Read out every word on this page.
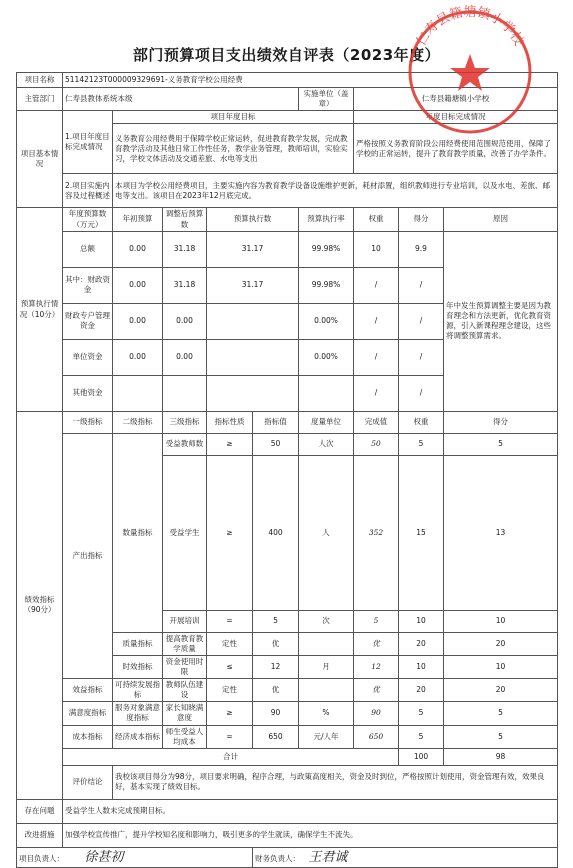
部门预算项目支出绩效自评表（2023年度）
项目名称	51142123T000009329691-义务教育学校公用经费									
主管部门	仁寿县教体系统本级					实施单位（盖章）	仁寿县籍塘镇小学校			
项目基本情况	1.项目年度目标完成情况	项目年度目标					年度目标完成情况			
		义务教育公用经费用于保障学校正常运转，促进教育教学发展，完成教育教学活动及其他日常工作性任务，教学业务管理，教师培训，实验实习，学校文体活动及交通差旅、水电等支出					严格按照义务教育阶段公用经费使用范围规范使用，保障了学校的正常运转，提升了教育教学质量，改善了办学条件。			
	2.项目实施内容及过程概述	本项目为学校公用经费项目，主要实施内容为教育教学设备设施维护更新，耗材添置，组织教师进行专业培训，以及水电、差旅、邮电等支出。该项目在2023年12月底完成。								
预算执行情况（10分）	年度预算数（万元）	年初预算	调整后预算数	预算执行数		预算执行率	权重	得分	原因	
	总额	0.00	31.18	31.17		99.98%	10	9.9	年中发生预算调整主要是因为教育理念和方法更新，优化教育资源，引入新课程理念建设，这些将调整预算需求。	
	其中：财政资金	0.00	31.18	31.17		99.98%	/	/		
	财政专户管理资金	0.00	0.00			0.00%	/	/		
	单位资金	0.00	0.00			0.00%	/	/		
	其他资金						/	/		
绩效指标（90分）	一级指标	二级指标	三级指标	指标性质	指标值	度量单位	完成值	权重	得分	
	产出指标	数量指标	受益教师数	≥	50	人次	50	5	5	
			受益学生	≥	400	人	352	15	13	
			开展培训	=	5	次	5	10	10	
		质量指标	提高教育教学质量	定性	优		优	20	20	
		时效指标	资金使用时限	≤	12	月	12	10	10	
	效益指标	可持续发展指标	教师队伍建设	定性	优		优	20	20	
	满意度指标	服务对象满意度指标	家长知晓满意度	≥	90	%	90	5	5	
	成本指标	经济成本指标	师生受益人均成本	=	650	元/人年	650	5	5	
	合计							100	98	
	评价结论	我校该项目得分为98分，项目要求明确，程序合理，与政策高度相关，资金及时到位，严格按照计划使用，资金管理有效，效果良好，基本实现了绩效目标。								
存在问题	受益学生人数未完成预期目标。									
改进措施	加强学校宣传推广，提升学校知名度和影响力，吸引更多的学生就读，确保学生不流失。									
项目负责人： 徐甚初					财务负责人： 王君诚					
仁寿县籍塘镇小学校
